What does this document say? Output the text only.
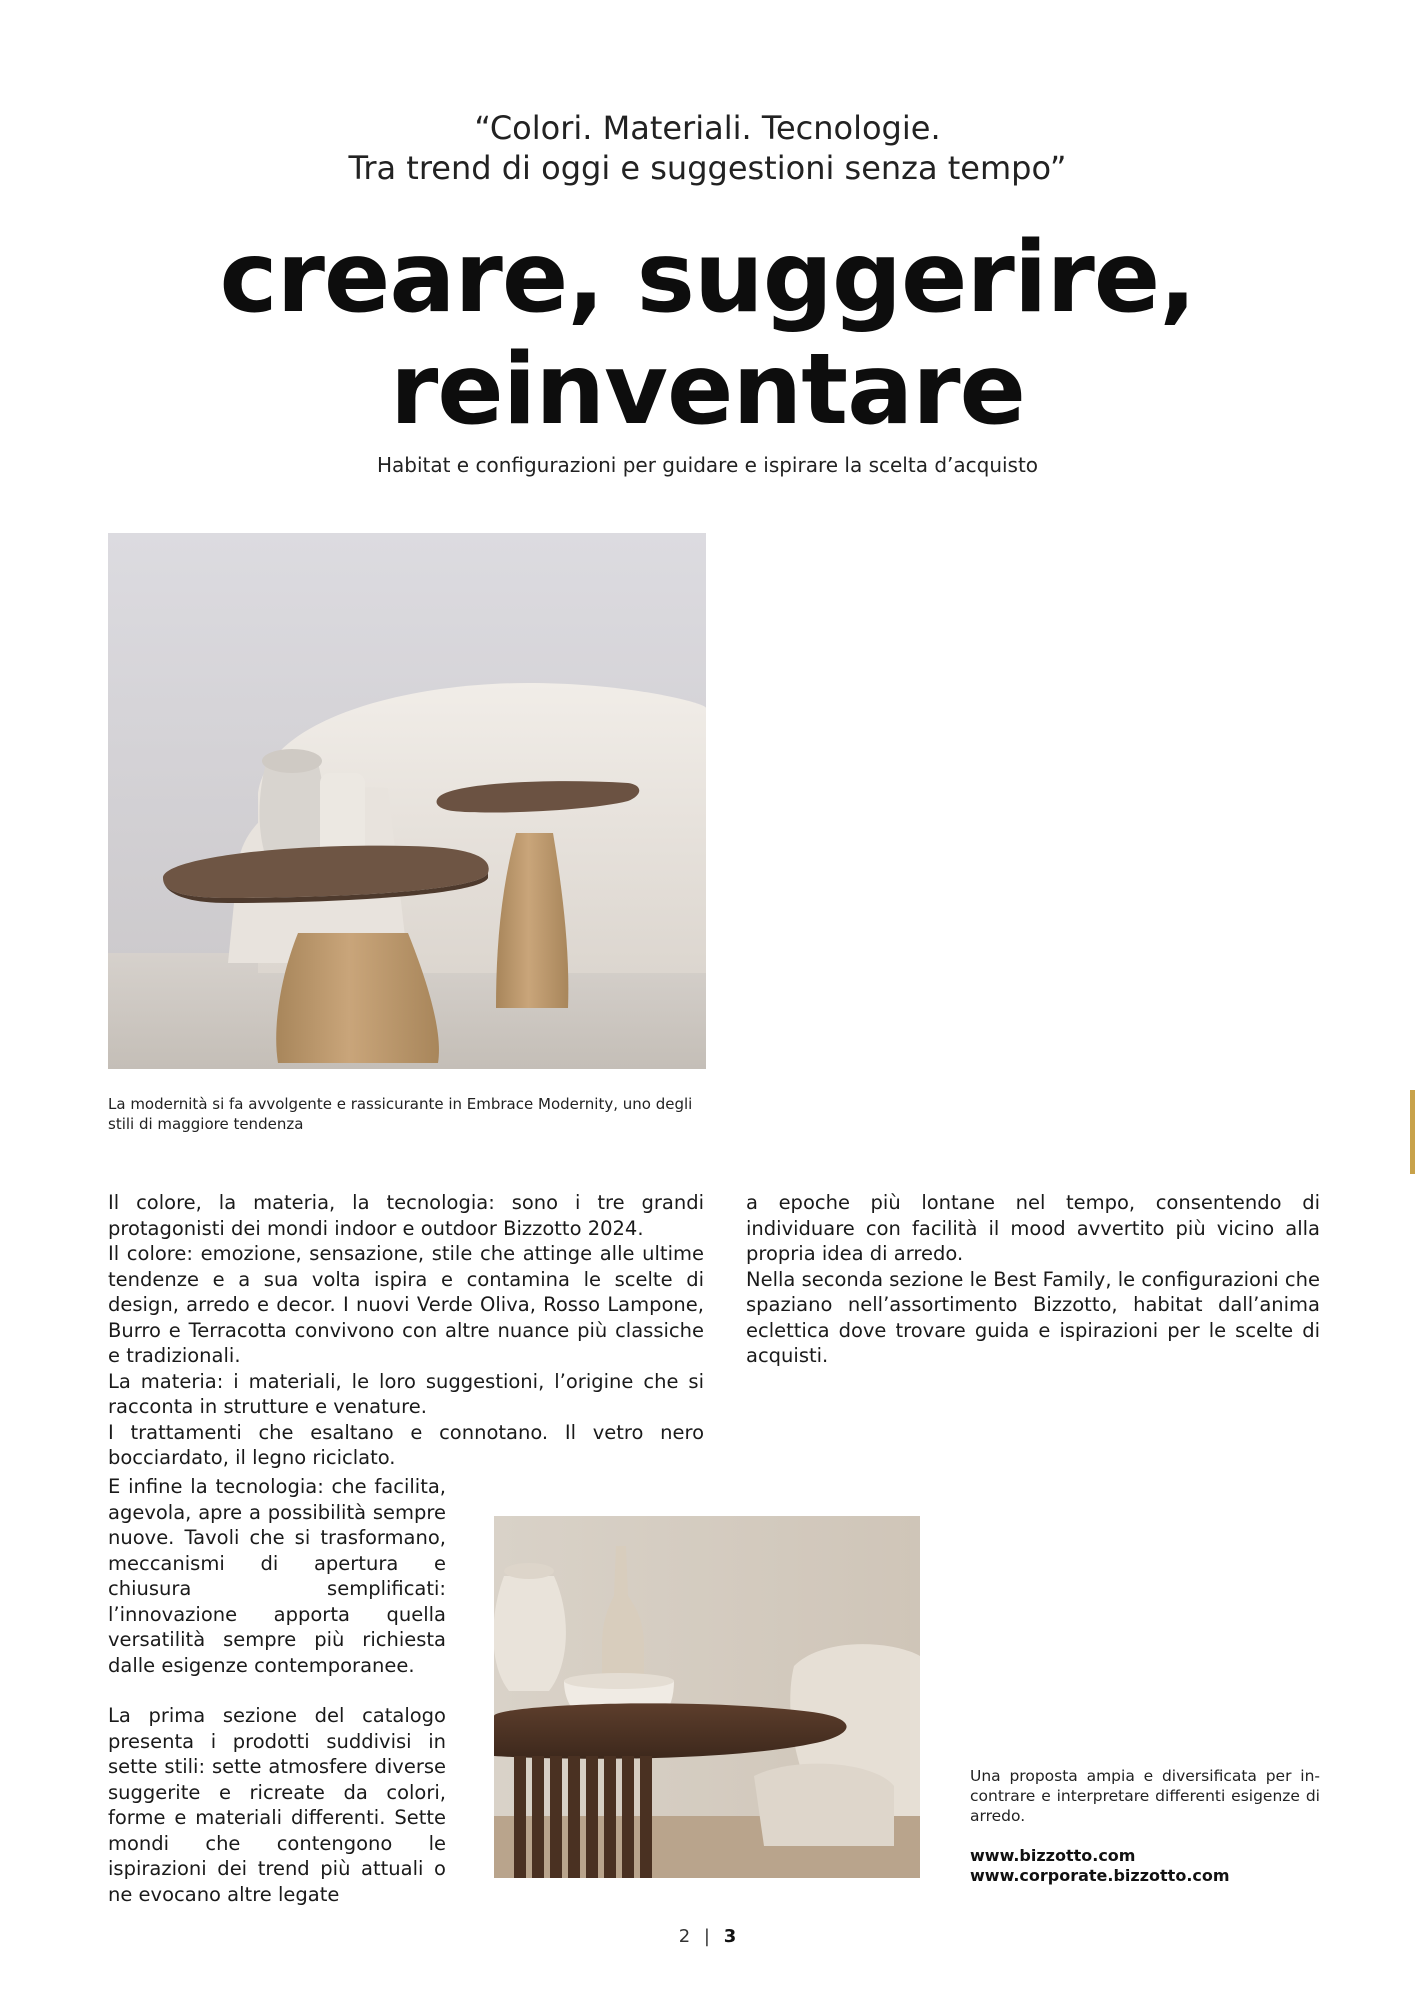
“Colori. Materiali. Tecnologie.
Tra trend di oggi e suggestioni senza tempo”
creare, suggerire,
reinventare
Habitat e configurazioni per guidare e ispirare la scelta d’acquisto
La modernità si fa avvolgente e rassicurante in Embrace Modernity, uno degli stili di maggiore tendenza

Il colore, la materia, la tecnologia: sono i tre grandi protagonisti dei mondi indoor e outdoor Bizzotto 2024.

Il colore: emozione, sensazione, stile che attinge alle ultime tendenze e a sua volta ispira e contamina le scelte di design, arredo e decor. I nuovi Verde Oliva, Rosso Lampone, Burro e Terracotta convivono con altre nuance più classiche e tradizionali.

La materia: i materiali, le loro suggestioni, l’origine che si racconta in strutture e venature.

I trattamenti che esaltano e connotano. Il vetro nero bocciardato, il legno riciclato.

E infine la tecnologia: che facilita, agevola, apre a possibilità sempre nuove. Tavoli che si trasformano, meccanismi di apertura e chiusura semplificati: l’innovazione apporta quella versatilità sempre più richiesta dalle esigenze contemporanee.

La prima sezione del catalogo presenta i prodotti suddivisi in sette stili: sette atmosfere diverse suggerite e ricreate da colori, forme e materiali differenti. Sette mondi che contengono le ispirazioni dei trend più attuali o ne evocano altre legate

a epoche più lontane nel tempo, consentendo di individuare con facilità il mood avvertito più vicino alla propria idea di arredo.

Nella seconda sezione le Best Family, le configurazioni che spaziano nell’assortimento Bizzotto, habitat dall’anima eclettica dove trovare guida e ispirazioni per le scelte di acquisti.

Una proposta ampia e diversificata per in-contrare e interpretare differenti esigenze di arredo.
www.bizzotto.com
www.corporate.bizzotto.com
2 | 3
